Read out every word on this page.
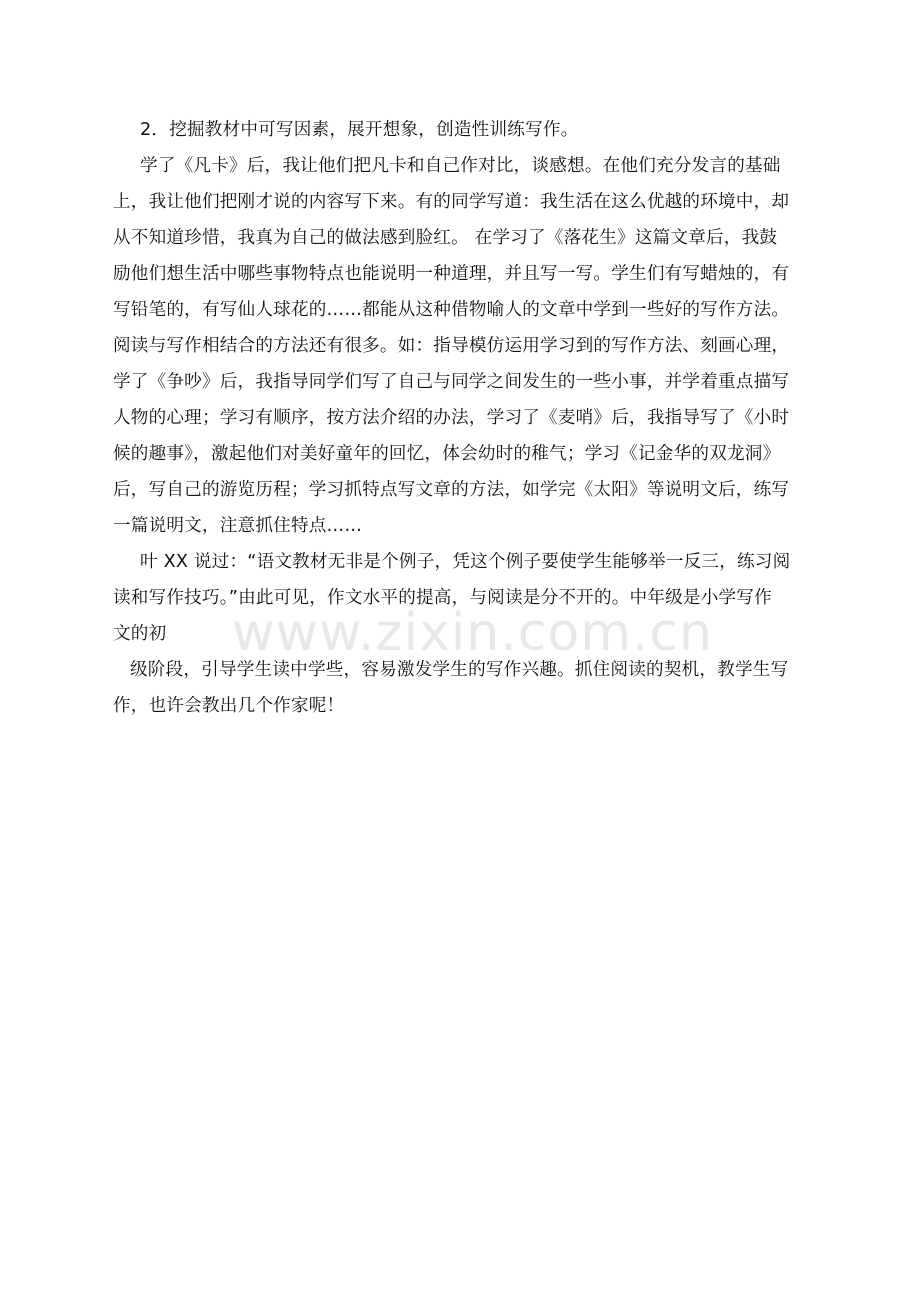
www.zixin.com.cn
2．挖掘教材中可写因素，展开想象，创造性训练写作。
学了《凡卡》后，我让他们把凡卡和自己作对比，谈感想。在他们充分发言的基础
上，我让他们把刚才说的内容写下来。有的同学写道：我生活在这么优越的环境中，却
从不知道珍惜，我真为自己的做法感到脸红。 在学习了《落花生》这篇文章后，我鼓
励他们想生活中哪些事物特点也能说明一种道理，并且写一写。学生们有写蜡烛的，有
写铅笔的，有写仙人球花的……都能从这种借物喻人的文章中学到一些好的写作方法。
阅读与写作相结合的方法还有很多。如：指导模仿运用学习到的写作方法、刻画心理，
学了《争吵》后，我指导同学们写了自己与同学之间发生的一些小事，并学着重点描写
人物的心理；学习有顺序，按方法介绍的办法，学习了《麦哨》后，我指导写了《小时
候的趣事》，激起他们对美好童年的回忆，体会幼时的稚气；学习《记金华的双龙洞》
后，写自己的游览历程；学习抓特点写文章的方法，如学完《太阳》等说明文后，练写
一篇说明文，注意抓住特点……
叶 XX 说过：“语文教材无非是个例子，凭这个例子要使学生能够举一反三，练习阅
读和写作技巧。”由此可见，作文水平的提高，与阅读是分不开的。中年级是小学写作
文的初
级阶段，引导学生读中学些，容易激发学生的写作兴趣。抓住阅读的契机，教学生写
作，也许会教出几个作家呢！
